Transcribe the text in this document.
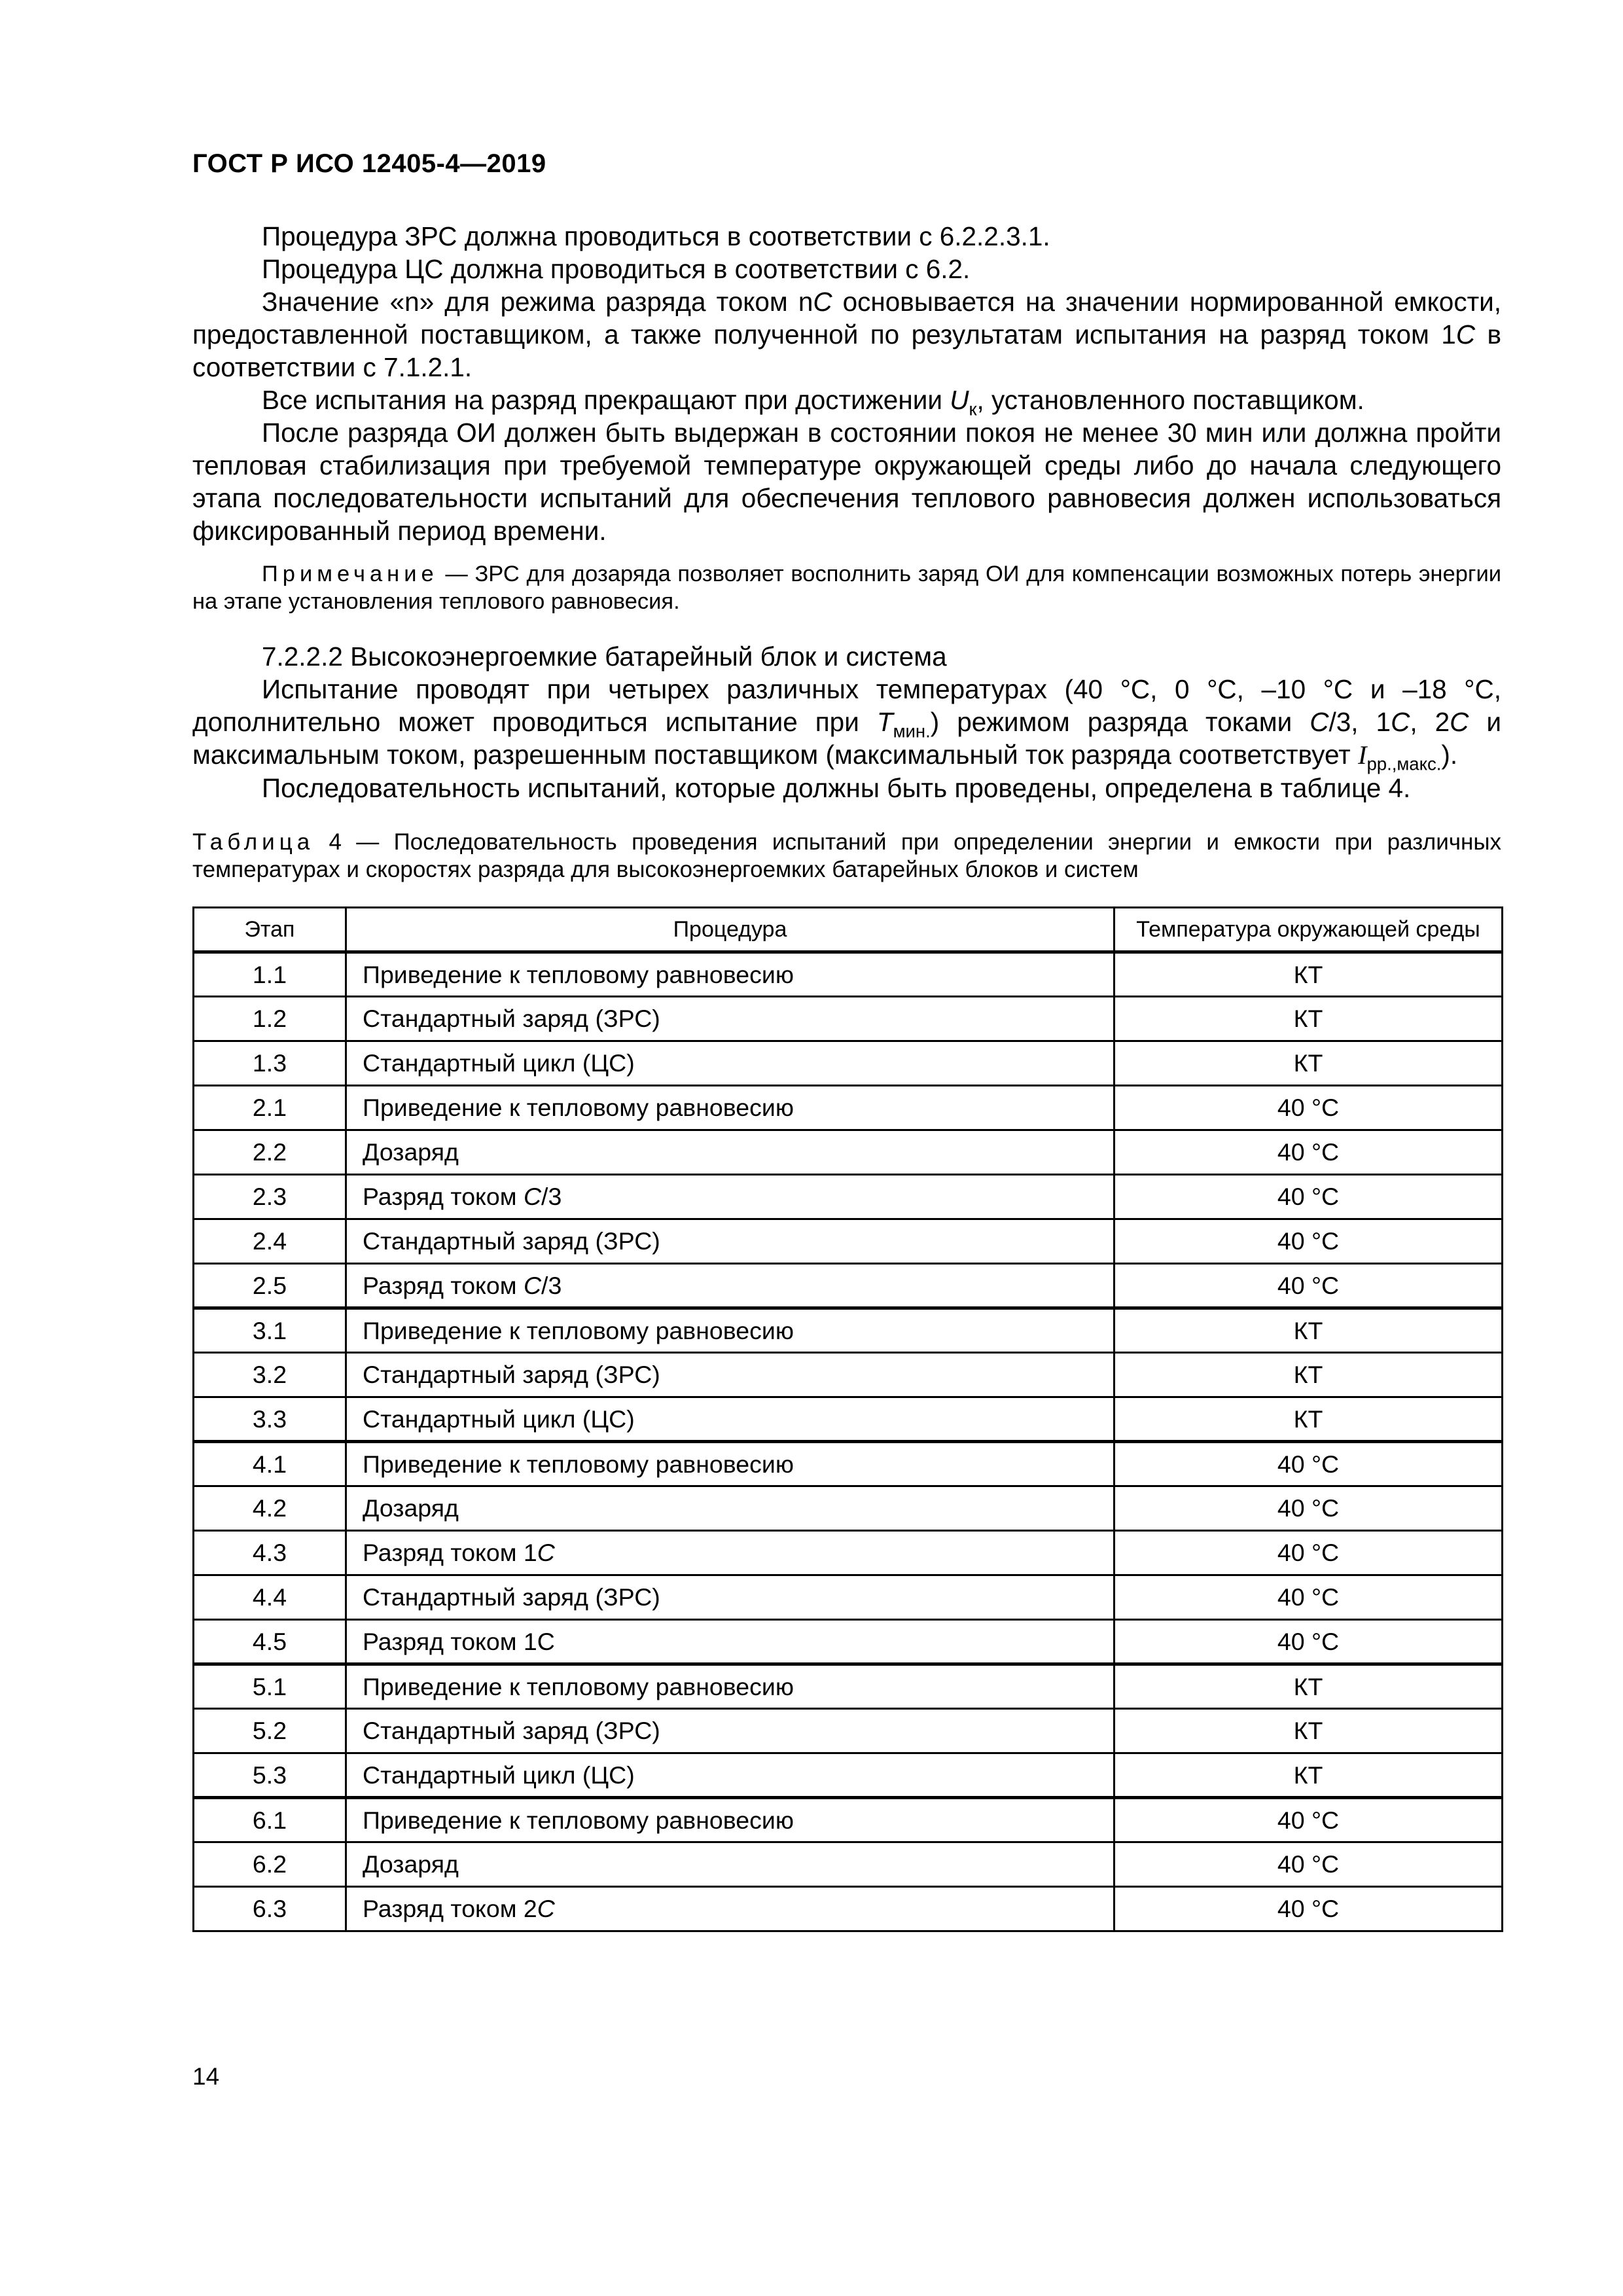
ГОСТ Р ИСО 12405-4—2019

Процедура ЗРС должна проводиться в соответствии с 6.2.2.3.1.

Процедура ЦС должна проводиться в соответствии с 6.2.

Значение «n» для режима разряда током nC основывается на значении нормированной емкости, предоставленной поставщиком, а также полученной по результатам испытания на разряд током 1C в соответствии с 7.1.2.1.

Все испытания на разряд прекращают при достижении $U_к$, установленного поставщиком.

После разряда ОИ должен быть выдержан в состоянии покоя не менее 30 мин или должна пройти тепловая стабилизация при требуемой температуре окружающей среды либо до начала следующего этапа последовательности испытаний для обеспечения теплового равновесия должен использоваться фиксированный период времени.

Примечание — ЗРС для дозаряда позволяет восполнить заряд ОИ для компенсации возможных потерь энергии на этапе установления теплового равновесия.

7.2.2.2 Высокоэнергоемкие батарейный блок и система

Испытание проводят при четырех различных температурах (40 °C, 0 °C, –10 °C и –18 °C, дополнительно может проводиться испытание при $T_{мин.}$) режимом разряда токами C/3, 1C, 2C и максимальным током, разрешенным поставщиком (максимальный ток разряда соответствует $I_{рр.,макс.}$).

Последовательность испытаний, которые должны быть проведены, определена в таблице 4.

Таблица 4 — Последовательность проведения испытаний при определении энергии и емкости при различных температурах и скоростях разряда для высокоэнергоемких батарейных блоков и систем
Этап	Процедура	Температура окружающей среды
1.1	Приведение к тепловому равновесию	КТ
1.2	Стандартный заряд (ЗРС)	КТ
1.3	Стандартный цикл (ЦС)	КТ
2.1	Приведение к тепловому равновесию	40 °C
2.2	Дозаряд	40 °C
2.3	Разряд током C/3	40 °C
2.4	Стандартный заряд (ЗРС)	40 °C
2.5	Разряд током C/3	40 °C
3.1	Приведение к тепловому равновесию	КТ
3.2	Стандартный заряд (ЗРС)	КТ
3.3	Стандартный цикл (ЦС)	КТ
4.1	Приведение к тепловому равновесию	40 °C
4.2	Дозаряд	40 °C
4.3	Разряд током 1C	40 °C
4.4	Стандартный заряд (ЗРС)	40 °C
4.5	Разряд током 1С	40 °C
5.1	Приведение к тепловому равновесию	КТ
5.2	Стандартный заряд (ЗРС)	КТ
5.3	Стандартный цикл (ЦС)	КТ
6.1	Приведение к тепловому равновесию	40 °C
6.2	Дозаряд	40 °C
6.3	Разряд током 2C	40 °C
14
